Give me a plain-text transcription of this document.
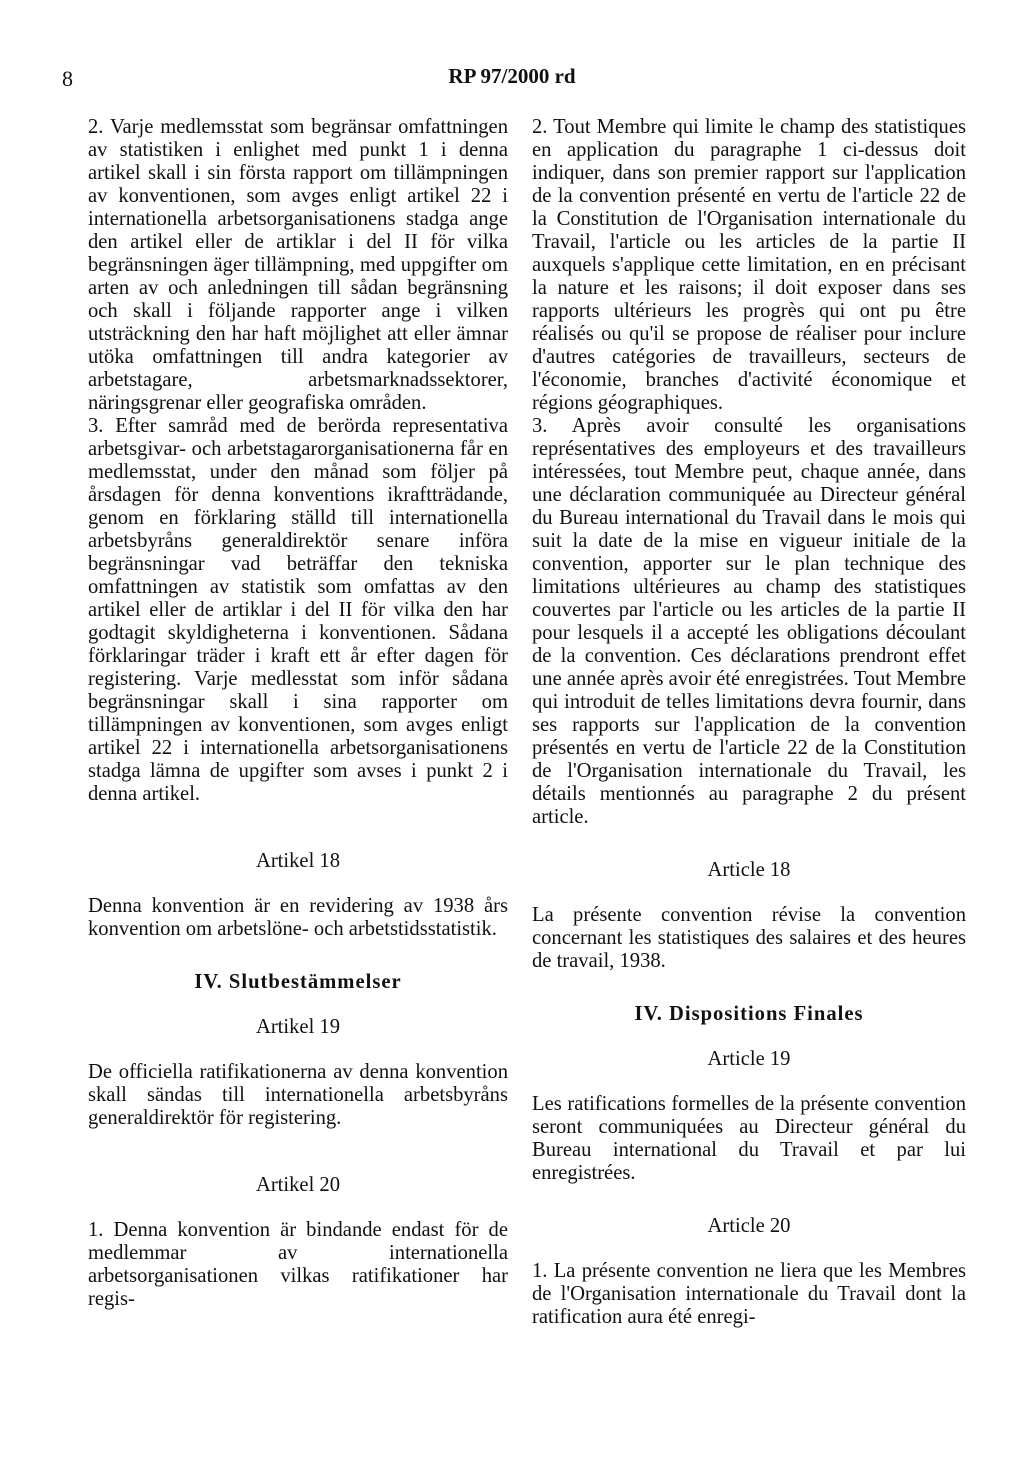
8	RP 97/2000 rd

2. Varje medlemsstat som begränsar omfattningen av statistiken i enlighet med punkt 1 i denna artikel skall i sin första rapport om tillämpningen av konventionen, som avges enligt artikel 22 i internationella arbetsorganisationens stadga ange den artikel eller de artiklar i del II för vilka begränsningen äger tillämpning, med uppgifter om arten av och anledningen till sådan begränsning och skall i följande rapporter ange i vilken utsträckning den har haft möjlighet att eller ämnar utöka omfattningen till andra kategorier av arbetstagare, arbetsmarknadssektorer, näringsgrenar eller geografiska områden.

3. Efter samråd med de berörda representativa arbetsgivar- och arbetstagarorganisationerna får en medlemsstat, under den månad som följer på årsdagen för denna konventions ikraftträdande, genom en förklaring ställd till internationella arbetsbyråns generaldirektör senare införa begränsningar vad beträffar den tekniska omfattningen av statistik som omfattas av den artikel eller de artiklar i del II för vilka den har godtagit skyldigheterna i konventionen. Sådana förklaringar träder i kraft ett år efter dagen för registering. Varje medlesstat som inför sådana begränsningar skall i sina rapporter om tillämpningen av konventionen, som avges enligt artikel 22 i internationella arbetsorganisationens stadga lämna de upgifter som avses i punkt 2 i denna artikel.

Artikel 18

Denna konvention är en revidering av 1938 års konvention om arbetslöne- och arbetstidsstatistik.

IV. Slutbestämmelser

Artikel 19

De officiella ratifikationerna av denna konvention skall sändas till internationella arbetsbyråns generaldirektör för registering.

Artikel 20

1. Denna konvention är bindande endast för de medlemmar av internationella arbetsorganisationen vilkas ratifikationer har regis-

2. Tout Membre qui limite le champ des statistiques en application du paragraphe 1 ci-dessus doit indiquer, dans son premier rapport sur l'application de la convention présenté en vertu de l'article 22 de la Constitution de l'Organisation internationale du Travail, l'article ou les articles de la partie II auxquels s'applique cette limitation, en en précisant la nature et les raisons; il doit exposer dans ses rapports ultérieurs les progrès qui ont pu être réalisés ou qu'il se propose de réaliser pour inclure d'autres catégories de travailleurs, secteurs de l'économie, branches d'activité économique et régions géographiques.

3. Après avoir consulté les organisations représentatives des employeurs et des travailleurs intéressées, tout Membre peut, chaque année, dans une déclaration communiquée au Directeur général du Bureau international du Travail dans le mois qui suit la date de la mise en vigueur initiale de la convention, apporter sur le plan technique des limitations ultérieures au champ des statistiques couvertes par l'article ou les articles de la partie II pour lesquels il a accepté les obligations découlant de la convention. Ces déclarations prendront effet une année après avoir été enregistrées. Tout Membre qui introduit de telles limitations devra fournir, dans ses rapports sur l'application de la convention présentés en vertu de l'article 22 de la Constitution de l'Organisation internationale du Travail, les détails mentionnés au paragraphe 2 du présent article.

Article 18

La présente convention révise la convention concernant les statistiques des salaires et des heures de travail, 1938.

IV. Dispositions Finales

Article 19

Les ratifications formelles de la présente convention seront communiquées au Directeur général du Bureau international du Travail et par lui enregistrées.

Article 20

1. La présente convention ne liera que les Membres de l'Organisation internationale du Travail dont la ratification aura été enregi-
